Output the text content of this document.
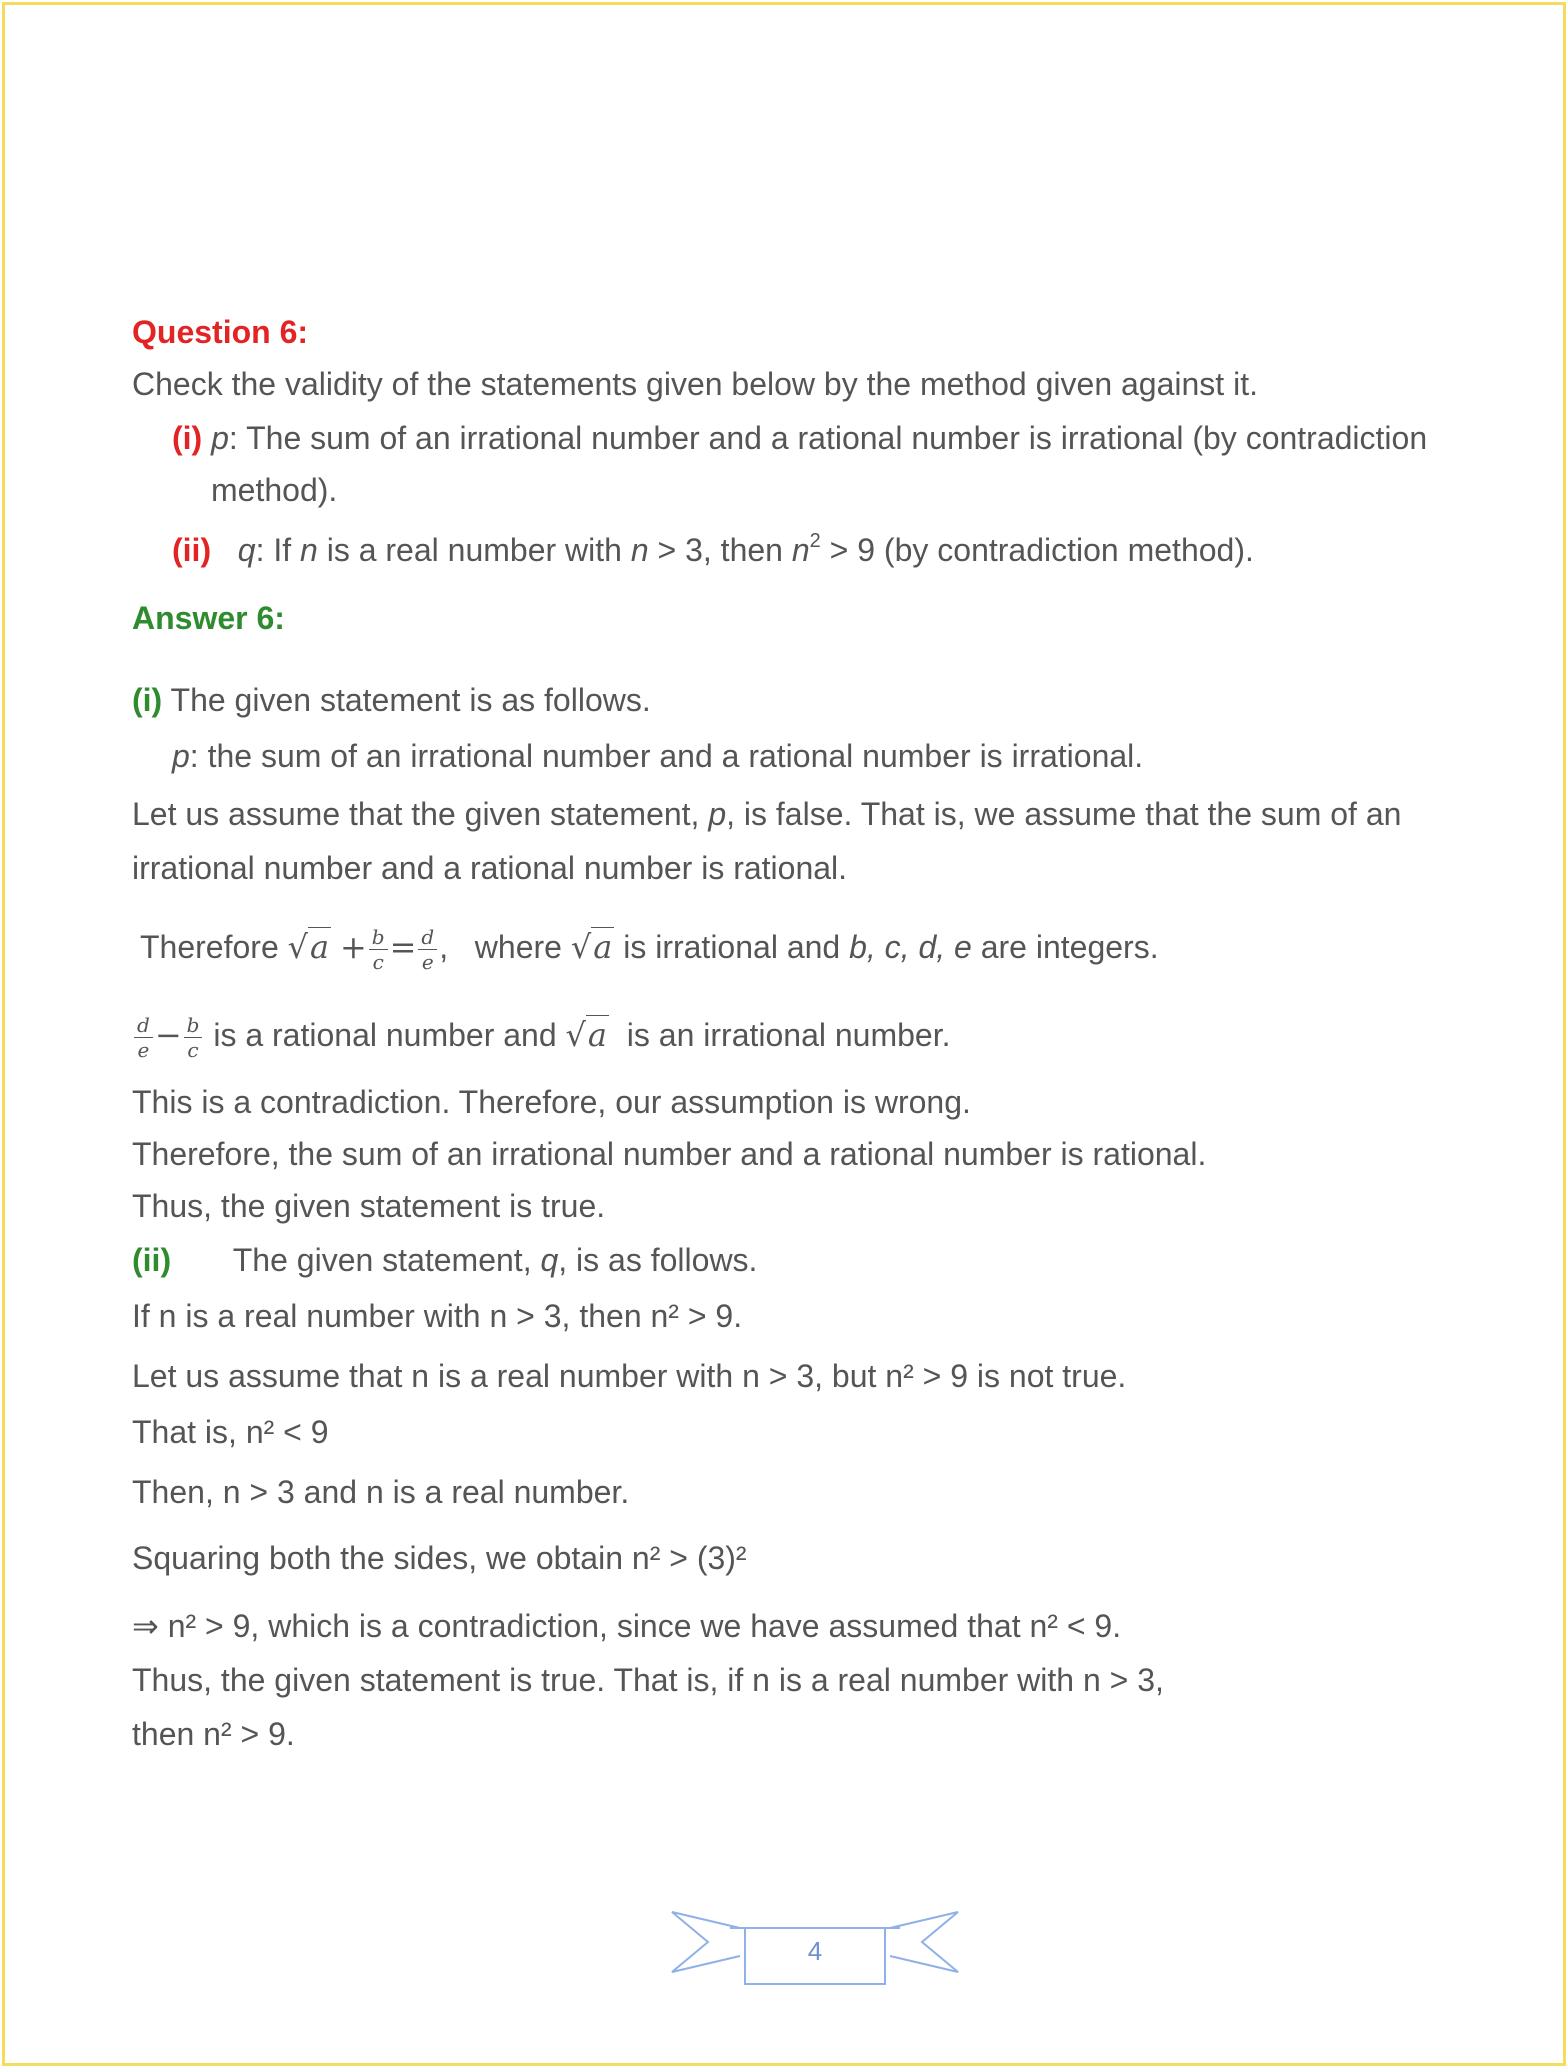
Question 6:
Check the validity of the statements given below by the method given against it.
(i) p: The sum of an irrational number and a rational number is irrational (by contradiction
method).
(ii) q: If n is a real number with n > 3, then $n^2 > 9$ (by contradiction method).
Answer 6:
(i) The given statement is as follows.
p: the sum of an irrational number and a rational number is irrational.
Let us assume that the given statement, p, is false. That is, we assume that the sum of an
irrational number and a rational number is rational.
Therefore $√a + \frac{b}{c} = \frac{d}{e}$ ,   where √a is irrational and b, c, d, e are integers.
$\frac{d}{e} - \frac{b}{c}$ is a rational number and √a  is an irrational number.
This is a contradiction. Therefore, our assumption is wrong.
Therefore, the sum of an irrational number and a rational number is rational.
Thus, the given statement is true.
(ii) The given statement, q, is as follows.
If n is a real number with n > 3, then n² > 9.
Let us assume that n is a real number with n > 3, but n² > 9 is not true.
That is, n² < 9
Then, n > 3 and n is a real number.
Squaring both the sides, we obtain n² > (3)²
⇒ n² > 9, which is a contradiction, since we have assumed that n² < 9.
Thus, the given statement is true. That is, if n is a real number with n > 3,
then n² > 9.
4
